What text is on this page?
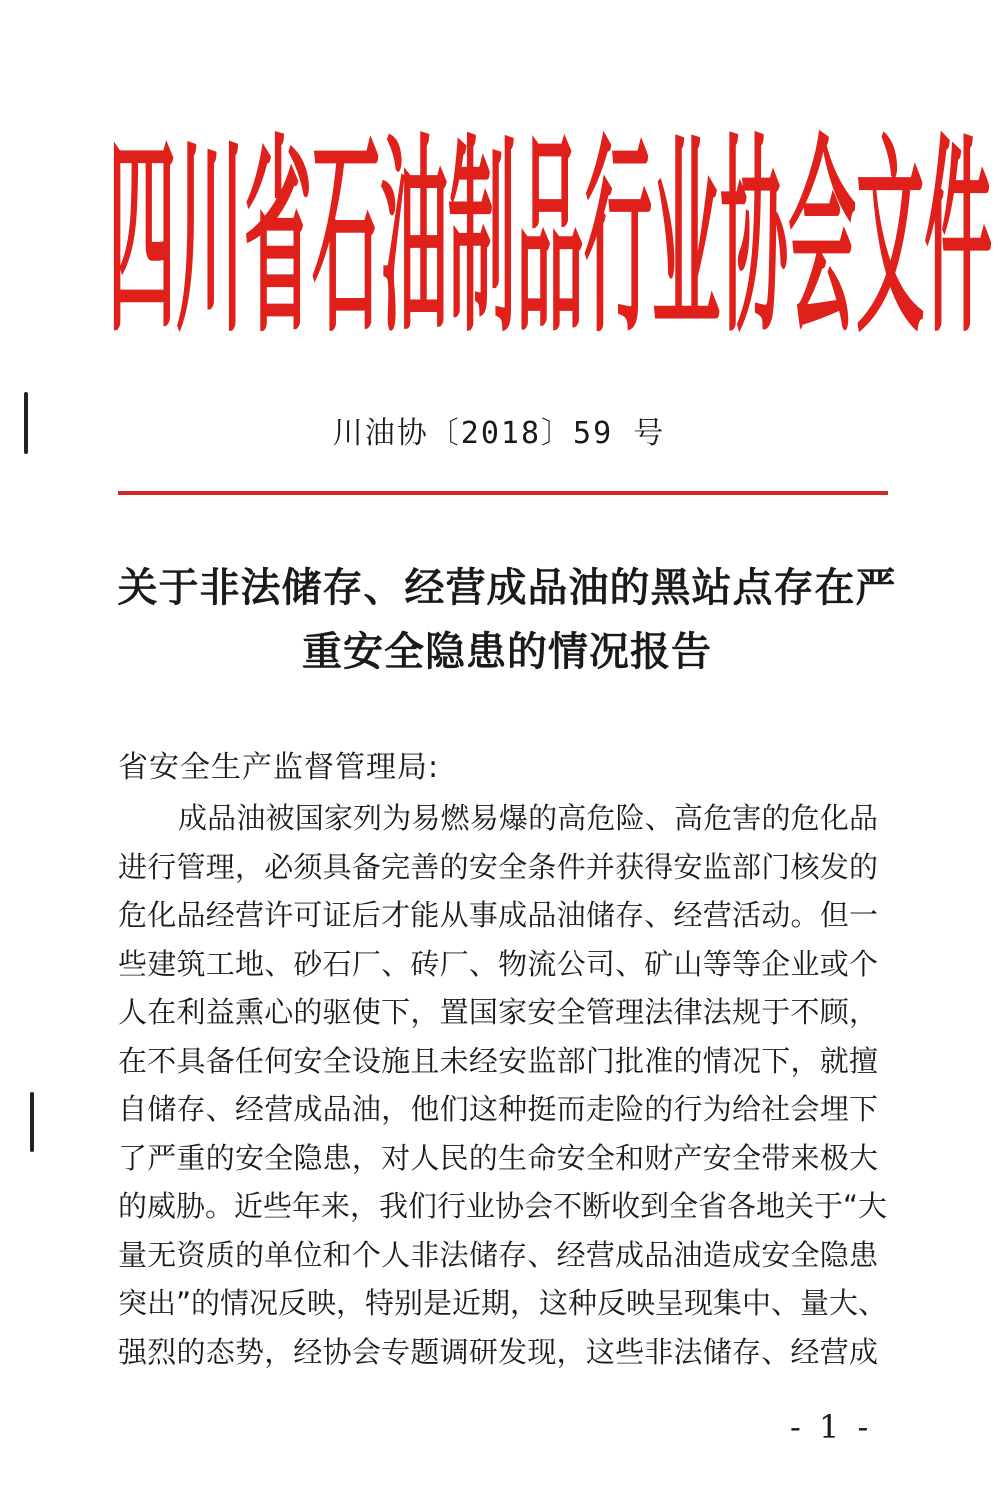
四 川 省 石 油 制 品 行 业 协 会 文 件
川油协〔2018〕59 号
关于非法储存、经营成品油的黑站点存在严
重安全隐患的情况报告
省安全生产监督管理局:
成品油被国家列为易燃易爆的高危险、高危害的危化品
进行管理，必须具备完善的安全条件并获得安监部门核发的
危化品经营许可证后才能从事成品油储存、经营活动。但一
些建筑工地、砂石厂、砖厂、物流公司、矿山等等企业或个
人在利益熏心的驱使下，置国家安全管理法律法规于不顾，
在不具备任何安全设施且未经安监部门批准的情况下，就擅
自储存、经营成品油，他们这种挺而走险的行为给社会埋下
了严重的安全隐患，对人民的生命安全和财产安全带来极大
的威胁。近些年来，我们行业协会不断收到全省各地关于“大
量无资质的单位和个人非法储存、经营成品油造成安全隐患
突出”的情况反映，特别是近期，这种反映呈现集中、量大、
强烈的态势，经协会专题调研发现，这些非法储存、经营成
- 1 -
